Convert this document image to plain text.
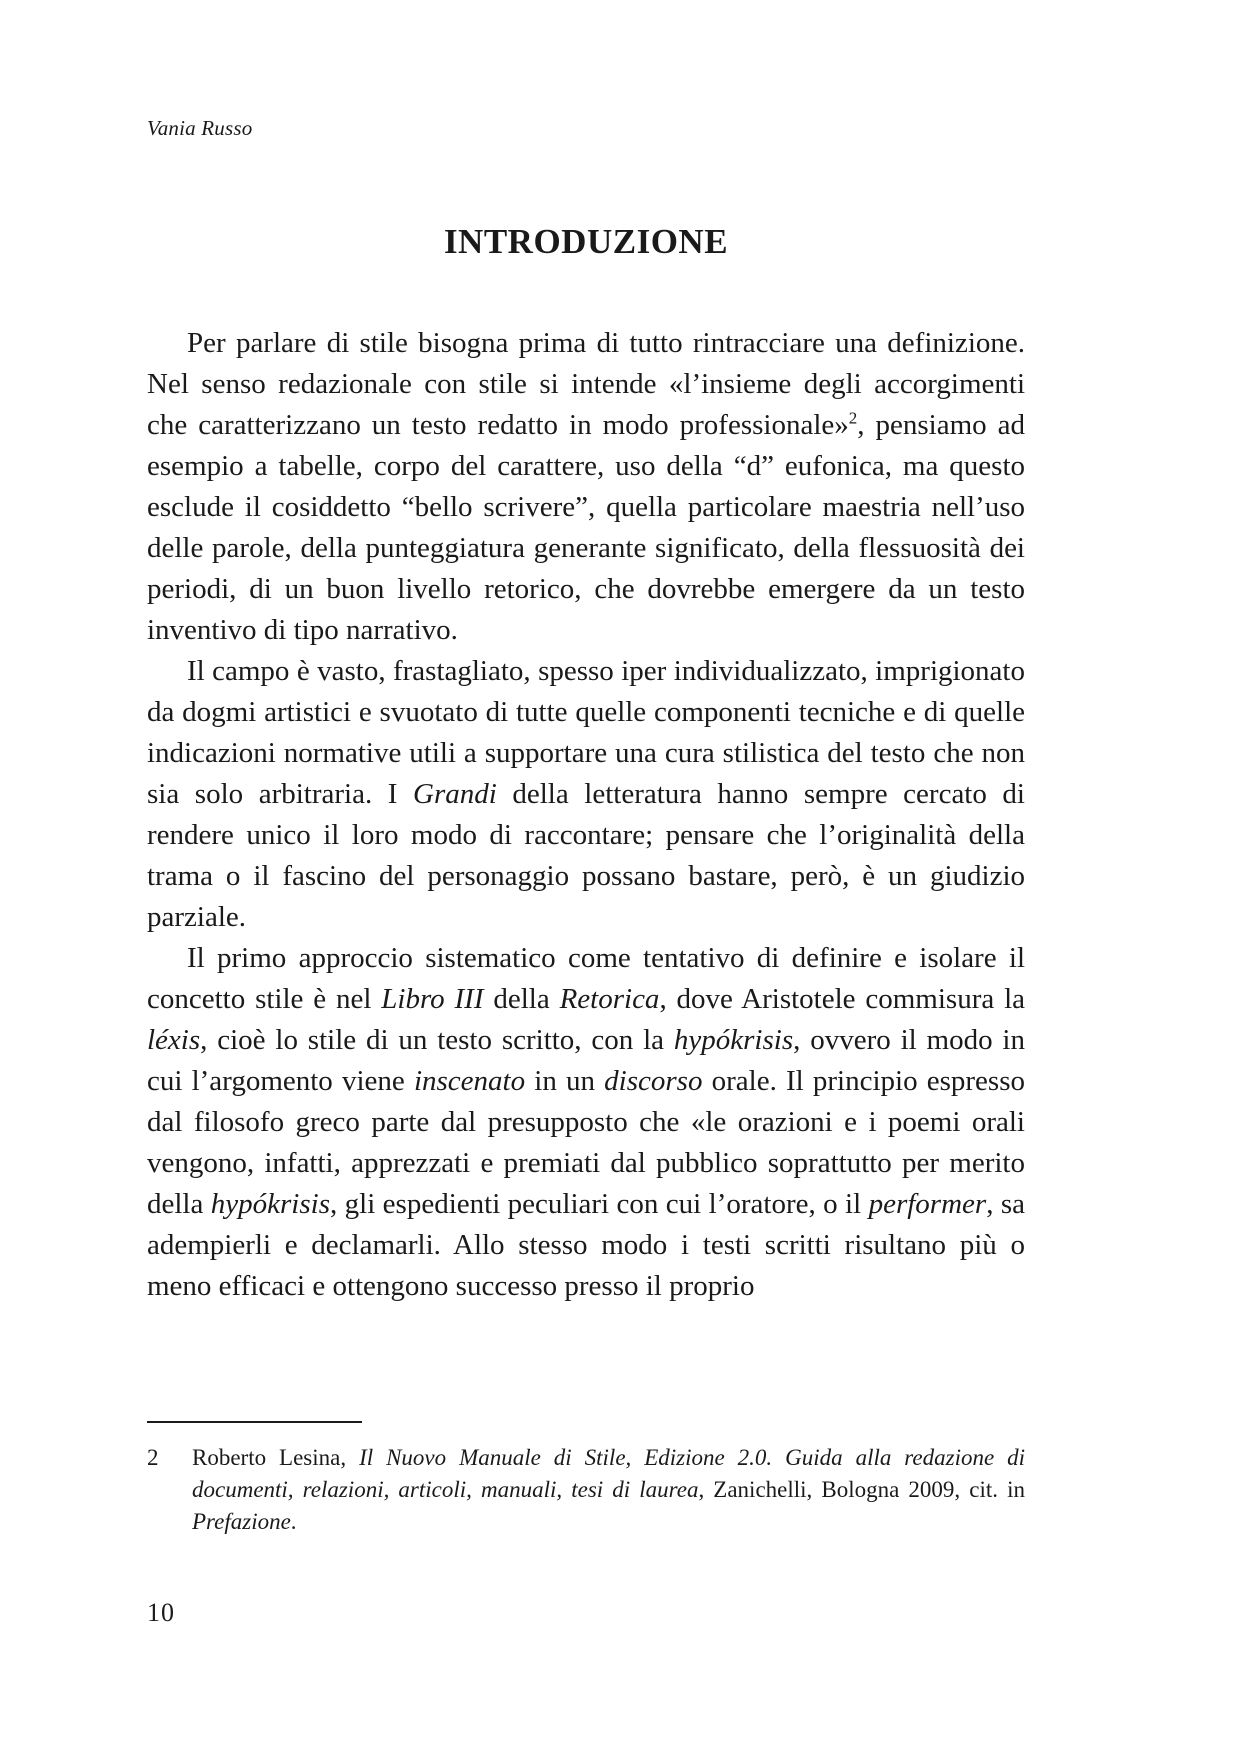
Vania Russo
INTRODUZIONE

Per parlare di stile bisogna prima di tutto rintracciare una definizione. Nel senso redazionale con stile si intende «l’insieme degli accorgimenti che caratterizzano un testo redatto in modo professionale»$^2$, pensiamo ad esempio a tabelle, corpo del carattere, uso della “d” eufonica, ma questo esclude il cosiddetto “bello scrivere”, quella particolare maestria nell’uso delle parole, della punteggiatura generante significato, della flessuosità dei periodi, di un buon livello retorico, che dovrebbe emergere da un testo inventivo di tipo narrativo.

Il campo è vasto, frastagliato, spesso iper individualizzato, imprigionato da dogmi artistici e svuotato di tutte quelle componenti tecniche e di quelle indicazioni normative utili a supportare una cura stilistica del testo che non sia solo arbitraria. I Grandi della letteratura hanno sempre cercato di rendere unico il loro modo di raccontare; pensare che l’originalità della trama o il fascino del personaggio possano bastare, però, è un giudizio parziale.

Il primo approccio sistematico come tentativo di definire e isolare il concetto stile è nel Libro III della Retorica, dove Aristotele commisura la léxis, cioè lo stile di un testo scritto, con la hypókrisis, ovvero il modo in cui l’argomento viene inscenato in un discorso orale. Il principio espresso dal filosofo greco parte dal presupposto che «le orazioni e i poemi orali vengono, infatti, apprezzati e premiati dal pubblico soprattutto per merito della hypókrisis, gli espedienti peculiari con cui l’oratore, o il performer, sa adempierli e declamarli. Allo stesso modo i testi scritti risultano più o meno efficaci e ottengono successo presso il proprio

2 Roberto Lesina, Il Nuovo Manuale di Stile, Edizione 2.0. Guida alla redazione di documenti, relazioni, articoli, manuali, tesi di laurea, Zanichelli, Bologna 2009, cit. in Prefazione.
10
